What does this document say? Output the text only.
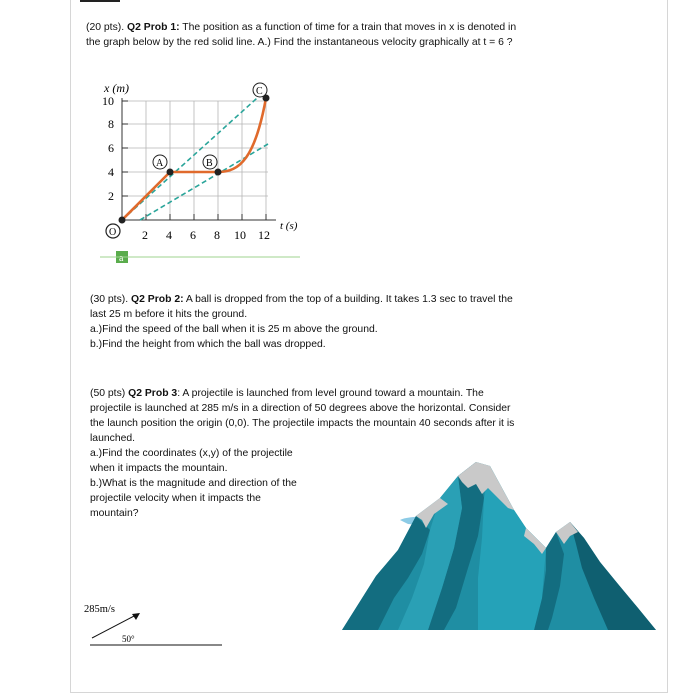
(20 pts). Q2 Prob 1: The position as a function of time for a train that moves in x is denoted in
the graph below by the red solid line. A.) Find the instantaneous velocity graphically at t = 6 ?
x (m)
t (s)
10
8
6
4
2
2 4 6 8 10 12
A	B
C
O
a
(30 pts). Q2 Prob 2: A ball is dropped from the top of a building. It takes 1.3 sec to travel the
last 25 m before it hits the ground.
a.)Find the speed of the ball when it is 25 m above the ground.
b.)Find the height from which the ball was dropped.
(50 pts) Q2 Prob 3: A projectile is launched from level ground toward a mountain. The
projectile is launched at 285 m/s in a direction of 50 degrees above the horizontal. Consider
the launch position the origin (0,0). The projectile impacts the mountain 40 seconds after it is
launched.
a.)Find the coordinates (x,y) of the projectile
when it impacts the mountain.
b.)What is the magnitude and direction of the
projectile velocity when it impacts the
mountain?
285m/s
50°
